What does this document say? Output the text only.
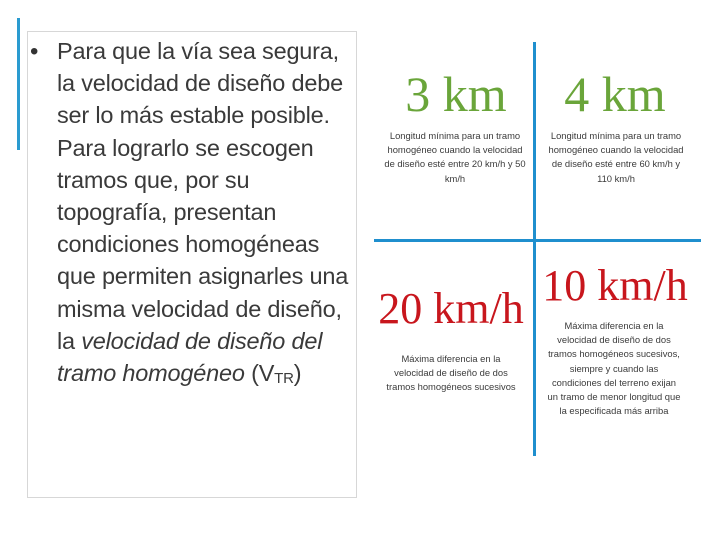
• Para que la vía sea segura, la velocidad de diseño debe ser lo más estable posible. Para lograrlo se escogen tramos que, por su topografía, presentan condiciones homogéneas que permiten asignarles una misma velocidad de diseño, la velocidad de diseño del tramo homogéneo (VTR)
3 km
Longitud mínima para un tramo homogéneo cuando la velocidad de diseño esté entre 20 km/h y 50 km/h
4 km
Longitud mínima para un tramo homogéneo cuando la velocidad de diseño esté entre 60 km/h y 110 km/h
20 km/h
Máxima diferencia en la velocidad de diseño de dos tramos homogéneos sucesivos
10 km/h
Máxima diferencia en la velocidad de diseño de dos tramos homogéneos sucesivos, siempre y cuando las condiciones del terreno exijan un tramo de menor longitud que la especificada más arriba
